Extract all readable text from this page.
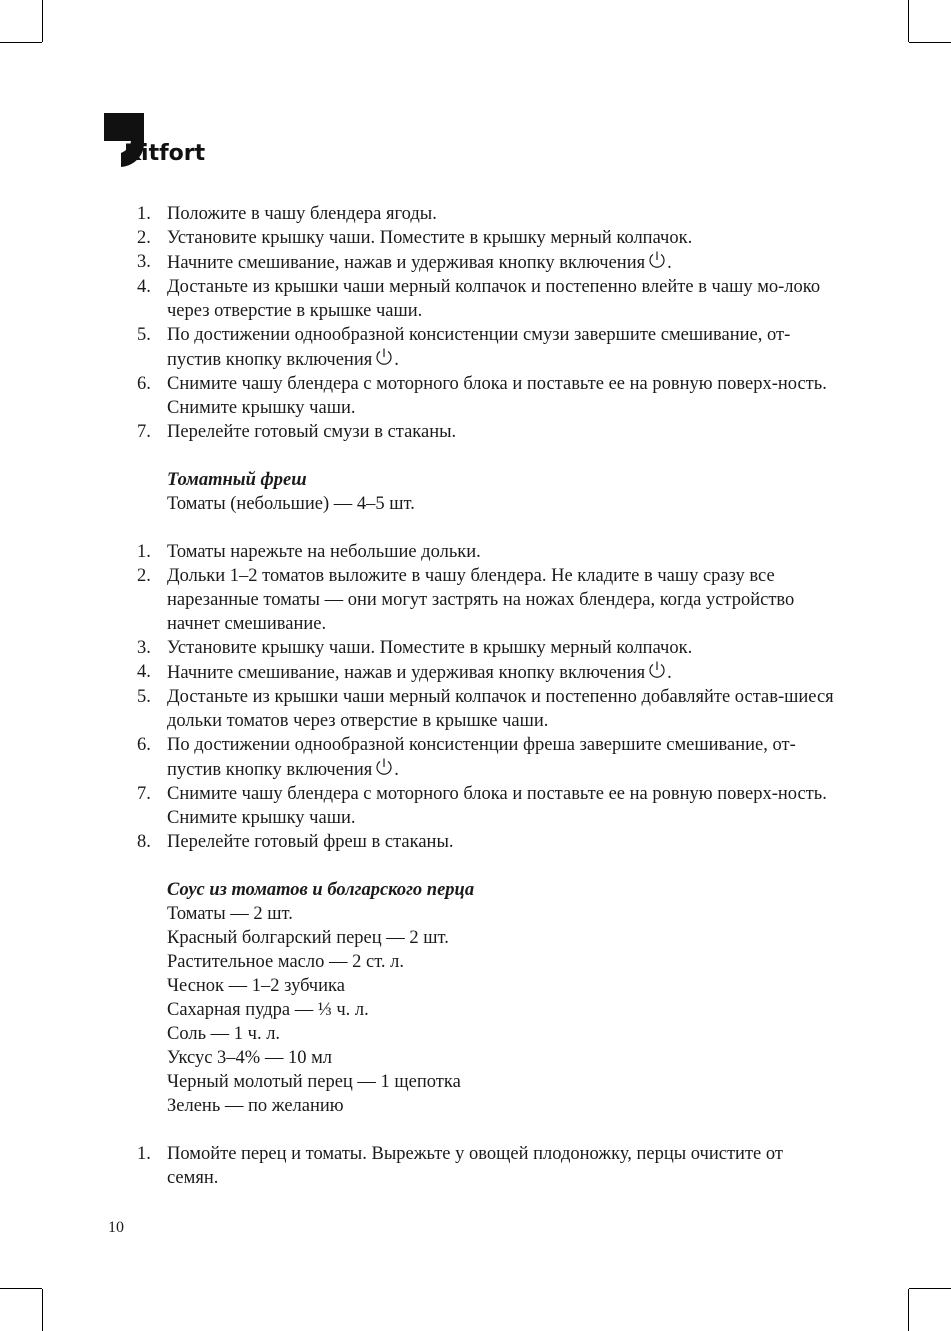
Kitfort
1. Положите в чашу блендера ягоды.
2. Установите крышку чаши. Поместите в крышку мерный колпачок.
3. Начните смешивание, нажав и удерживая кнопку включения .
4. Достаньте из крышки чаши мерный колпачок и постепенно влейте в чашу мо-​локо через отверстие в крышке чаши.
5. По достижении однообразной консистенции смузи завершите смешивание, от-​пустив кнопку включения .
6. Снимите чашу блендера с моторного блока и поставьте ее на ровную поверх-​ность. Снимите крышку чаши.
7. Перелейте готовый смузи в стаканы.

Томатный фреш

Томаты (небольшие) — 4–5 шт.

1. Томаты нарежьте на небольшие дольки.
2. Дольки 1–2 томатов выложите в чашу блендера. Не кладите в чашу сразу все нарезанные томаты — они могут застрять на ножах блендера, когда устройство начнет смешивание.
3. Установите крышку чаши. Поместите в крышку мерный колпачок.
4. Начните смешивание, нажав и удерживая кнопку включения .
5. Достаньте из крышки чаши мерный колпачок и постепенно добавляйте остав-​шиеся дольки томатов через отверстие в крышке чаши.
6. По достижении однообразной консистенции фреша завершите смешивание, от-​пустив кнопку включения .
7. Снимите чашу блендера с моторного блока и поставьте ее на ровную поверх-​ность. Снимите крышку чаши.
8. Перелейте готовый фреш в стаканы.

Соус из томатов и болгарского перца

Томаты — 2 шт.
Красный болгарский перец — 2 шт.
Растительное масло — 2 ст. л.
Чеснок — 1–2 зубчика
Сахарная пудра — ⅓ ч. л.
Соль — 1 ч. л.
Уксус 3–4% — 10 мл
Черный молотый перец — 1 щепотка
Зелень — по желанию
1. Помойте перец и томаты. Вырежьте у овощей плодоножку, перцы очистите от семян.
10
